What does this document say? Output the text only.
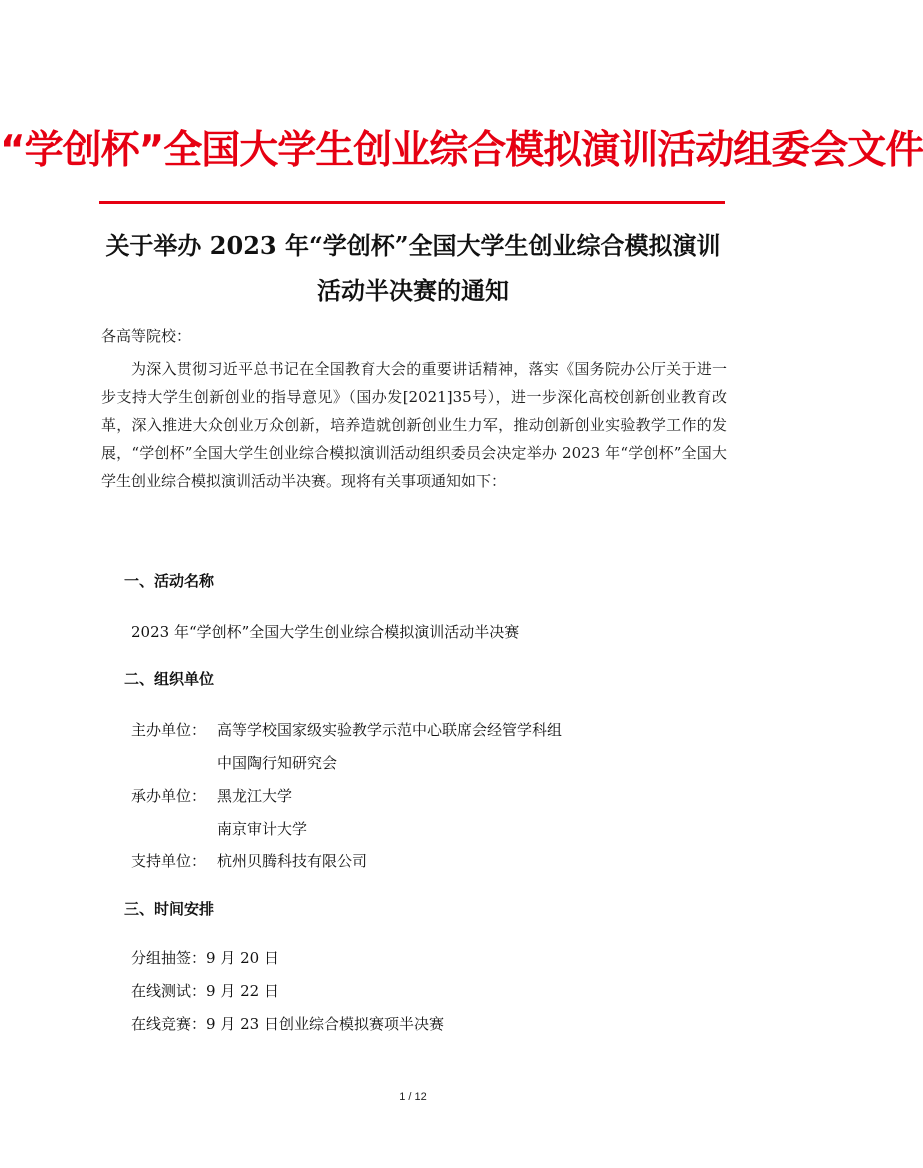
“学创杯”全国大学生创业综合模拟演训活动组委会文件
关于举办 2023 年“学创杯”全国大学生创业综合模拟演训活动半决赛的通知
各高等院校：
为深入贯彻习近平总书记在全国教育大会的重要讲话精神，落实《国务院办公厅关于进一步支持大学生创新创业的指导意见》（国办发[2021]35号），进一步深化高校创新创业教育改革，深入推进大众创业万众创新，培养造就创新创业生力军，推动创新创业实验教学工作的发展，“学创杯”全国大学生创业综合模拟演训活动组织委员会决定举办 2023 年“学创杯”全国大学生创业综合模拟演训活动半决赛。现将有关事项通知如下：
一、活动名称
2023 年“学创杯”全国大学生创业综合模拟演训活动半决赛
二、组织单位
主办单位： 高等学校国家级实验教学示范中心联席会经管学科组
中国陶行知研究会
承办单位： 黑龙江大学
南京审计大学
支持单位： 杭州贝腾科技有限公司
三、时间安排
分组抽签：9 月 20 日
在线测试：9 月 22 日
在线竞赛：9 月 23 日创业综合模拟赛项半决赛
1 / 12
